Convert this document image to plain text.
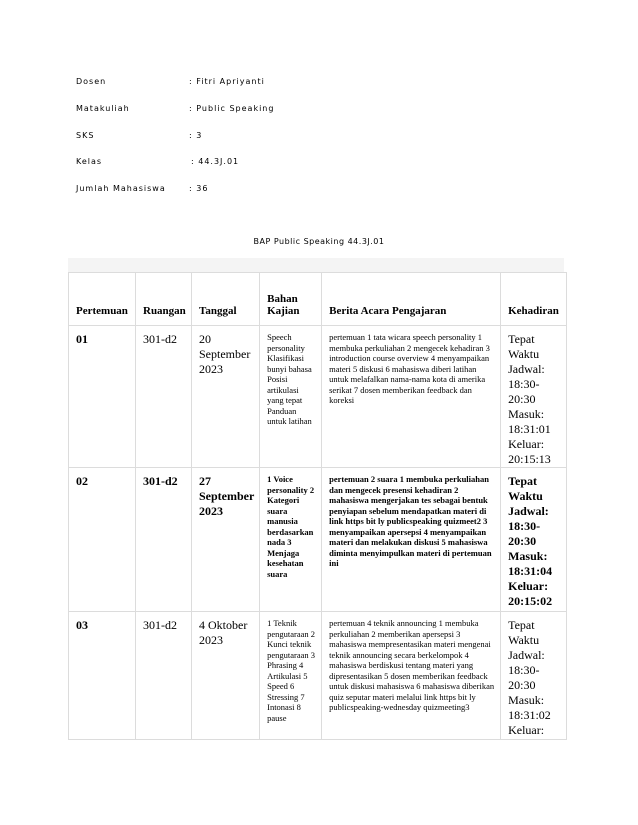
Dosen	: Fitri Apriyanti
Matakuliah	: Public Speaking
SKS	: 3
Kelas	: 44.3J.01
Jumlah Mahasiswa	: 36
BAP Public Speaking 44.3J.01
Pertemuan	Ruangan	Tanggal	Bahan Kajian	Berita Acara Pengajaran	Kehadiran

01	301-d2	20 September 2023	Speech personality Klasifikasi bunyi bahasa Posisi artikulasi yang tepat Panduan untuk latihan	pertemuan 1 tata wicara speech personality 1 membuka perkuliahan 2 mengecek kehadiran 3 introduction course overview 4 menyampaikan materi 5 diskusi 6 mahasiswa diberi latihan untuk melafalkan nama-nama kota di amerika serikat 7 dosen memberikan feedback dan koreksi	Tepat Waktu Jadwal: 18:30-20:30 Masuk: 18:31:01 Keluar: 20:15:13

02	301-d2	27 September 2023	1 Voice personality 2 Kategori suara manusia berdasarkan nada 3 Menjaga kesehatan suara	pertemuan 2 suara 1 membuka perkuliahan dan mengecek presensi kehadiran 2 mahasiswa mengerjakan tes sebagai bentuk penyiapan sebelum mendapatkan materi di link https bit ly publicspeaking quizmeet2 3 menyampaikan apersepsi 4 menyampaikan materi dan melakukan diskusi 5 mahasiswa diminta menyimpulkan materi di pertemuan ini	Tepat Waktu Jadwal: 18:30-20:30 Masuk: 18:31:04 Keluar: 20:15:02

03	301-d2	4 Oktober 2023	1 Teknik pengutaraan 2 Kunci teknik pengutaraan 3 Phrasing 4 Artikulasi 5 Speed 6 Stressing 7 Intonasi 8 pause	pertemuan 4 teknik announcing 1 membuka perkuliahan 2 memberikan apersepsi 3 mahasiswa mempresentasikan materi mengenai teknik announcing secara berkelompok 4 mahasiswa berdiskusi tentang materi yang dipresentasikan 5 dosen memberikan feedback untuk diskusi mahasiswa 6 mahasiswa diberikan quiz seputar materi melalui link https bit ly publicspeaking-wednesday quizmeeting3	Tepat Waktu Jadwal: 18:30-20:30 Masuk: 18:31:02 Keluar:
